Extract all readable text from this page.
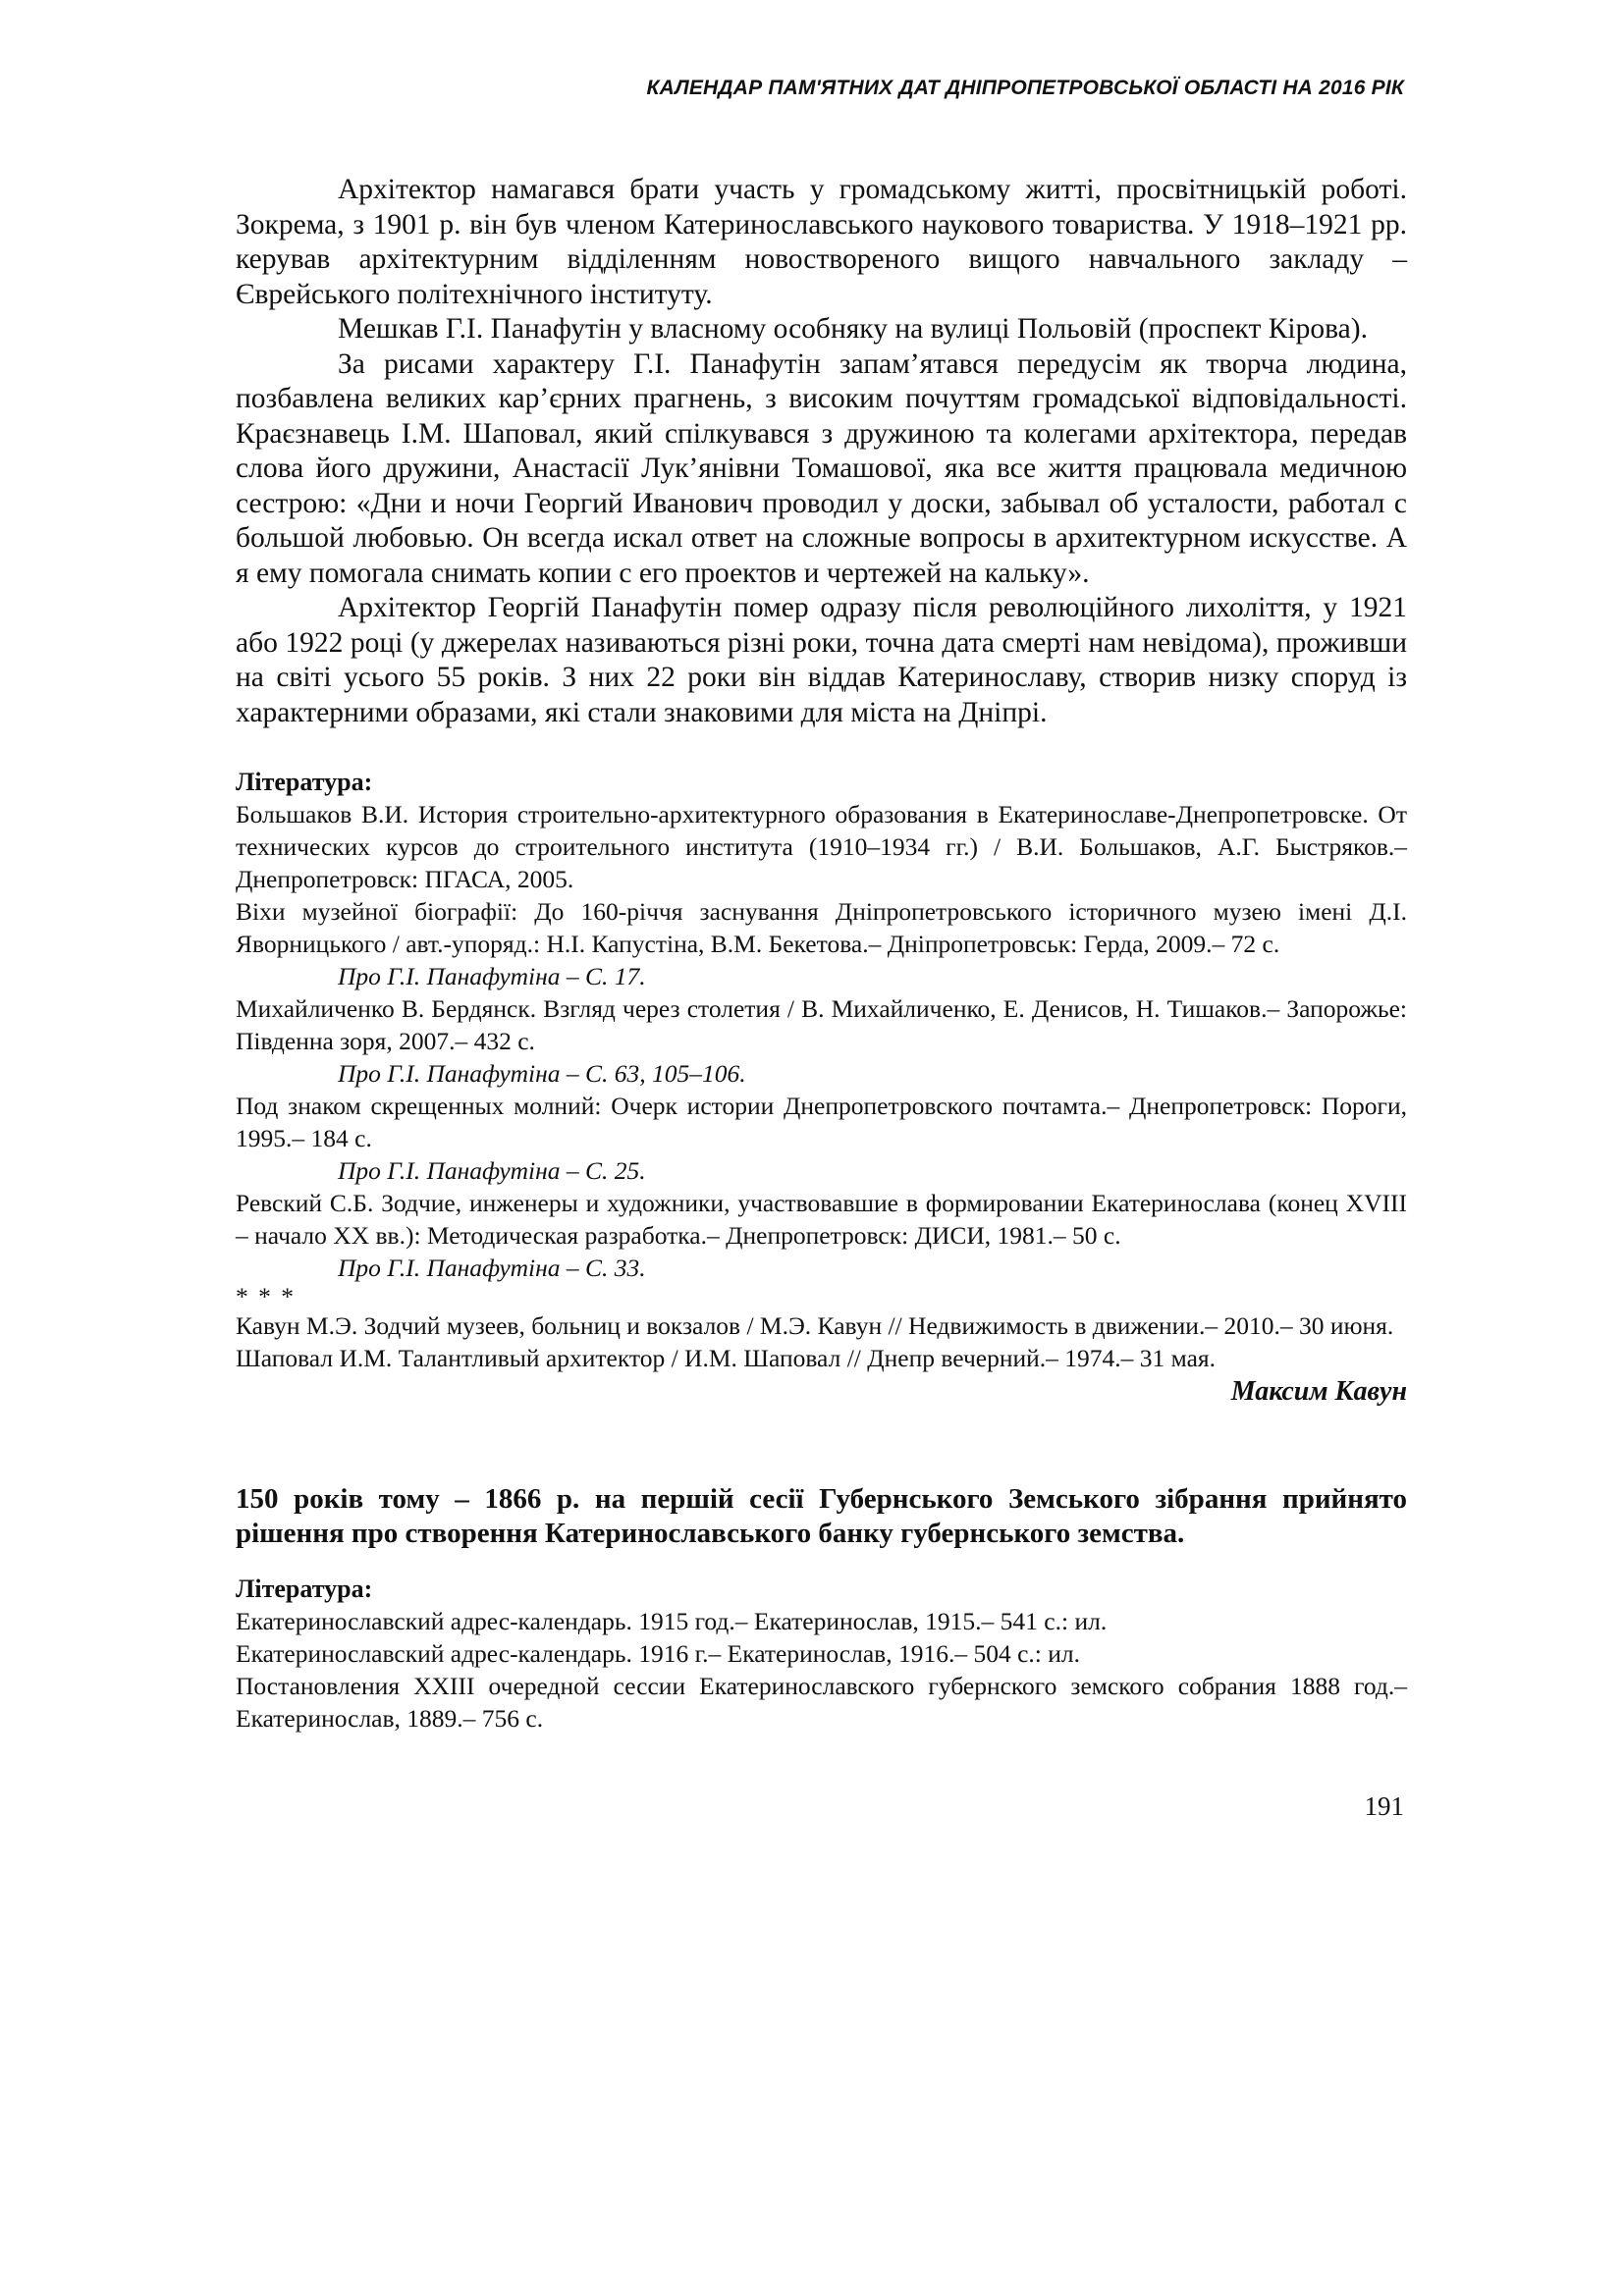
КАЛЕНДАР ПАМ'ЯТНИХ ДАТ ДНІПРОПЕТРОВСЬКОЇ ОБЛАСТІ НА 2016 РІК

Архітектор намагався брати участь у громадському житті, просвітницькій роботі. Зокрема, з 1901 р. він був членом Катеринославського наукового товариства. У 1918–1921 рр. керував архітектурним відділенням новоствореного вищого навчального закладу – Єврейського політехнічного інституту.

Мешкав Г.І. Панафутін у власному особняку на вулиці Польовій (проспект Кірова).

За рисами характеру Г.І. Панафутін запам’ятався передусім як творча людина, позбавлена великих кар’єрних прагнень, з високим почуттям громадської відповідальності. Краєзнавець І.М. Шаповал, який спілкувався з дружиною та колегами архітектора, передав слова його дружини, Анастасії Лук’янівни Томашової, яка все життя працювала медичною сестрою: «Дни и ночи Георгий Иванович проводил у доски, забывал об усталости, работал с большой любовью. Он всегда искал ответ на сложные вопросы в архитектурном искусстве. А я ему помогала снимать копии с его проектов и чертежей на кальку».

Архітектор Георгій Панафутін помер одразу після революційного лихоліття, у 1921 або 1922 році (у джерелах називаються різні роки, точна дата смерті нам невідома), проживши на світі усього 55 років. З них 22 роки він віддав Катеринославу, створив низку споруд із характерними образами, які стали знаковими для міста на Дніпрі.

Література:

Большаков В.И. История строительно-архитектурного образования в Екатеринославе-Днепропетровске. От технических курсов до строительного института (1910–1934 гг.) / В.И. Большаков, А.Г. Быстряков.– Днепропетровск: ПГАСА, 2005.

Віхи музейної біографії: До 160-річчя заснування Дніпропетровського історичного музею імені Д.І. Яворницького / авт.-упоряд.: Н.І. Капустіна, В.М. Бекетова.– Дніпропетровськ: Герда, 2009.– 72 с.

Про Г.І. Панафутіна – С. 17.

Михайличенко В. Бердянск. Взгляд через столетия / В. Михайличенко, Е. Денисов, Н. Тишаков.– Запорожье: Південна зоря, 2007.– 432 с.

Про Г.І. Панафутіна – С. 63, 105–106.

Под знаком скрещенных молний: Очерк истории Днепропетровского почтамта.– Днепропетровск: Пороги, 1995.– 184 с.

Про Г.І. Панафутіна – С. 25.

Ревский С.Б. Зодчие, инженеры и художники, участвовавшие в формировании Екатеринослава (конец XVIII – начало XX вв.): Методическая разработка.– Днепропетровск: ДИСИ, 1981.– 50 с.

Про Г.І. Панафутіна – С. 33.

* * *

Кавун М.Э. Зодчий музеев, больниц и вокзалов / М.Э. Кавун // Недвижимость в движении.– 2010.– 30 июня.

Шаповал И.М. Талантливый архитектор / И.М. Шаповал // Днепр вечерний.– 1974.– 31 мая.

Максим Кавун

150 років тому – 1866 р. на першій сесії Губернського Земського зібрання прийнято рішення про створення Катеринославського банку губернського земства.

Література:

Екатеринославский адрес-календарь. 1915 год.– Екатеринослав, 1915.– 541 с.: ил.

Екатеринославский адрес-календарь. 1916 г.– Екатеринослав, 1916.– 504 с.: ил.

Постановления XXIII очередной сессии Екатеринославского губернского земского собрания 1888 год.– Екатеринослав, 1889.– 756 с.

191
